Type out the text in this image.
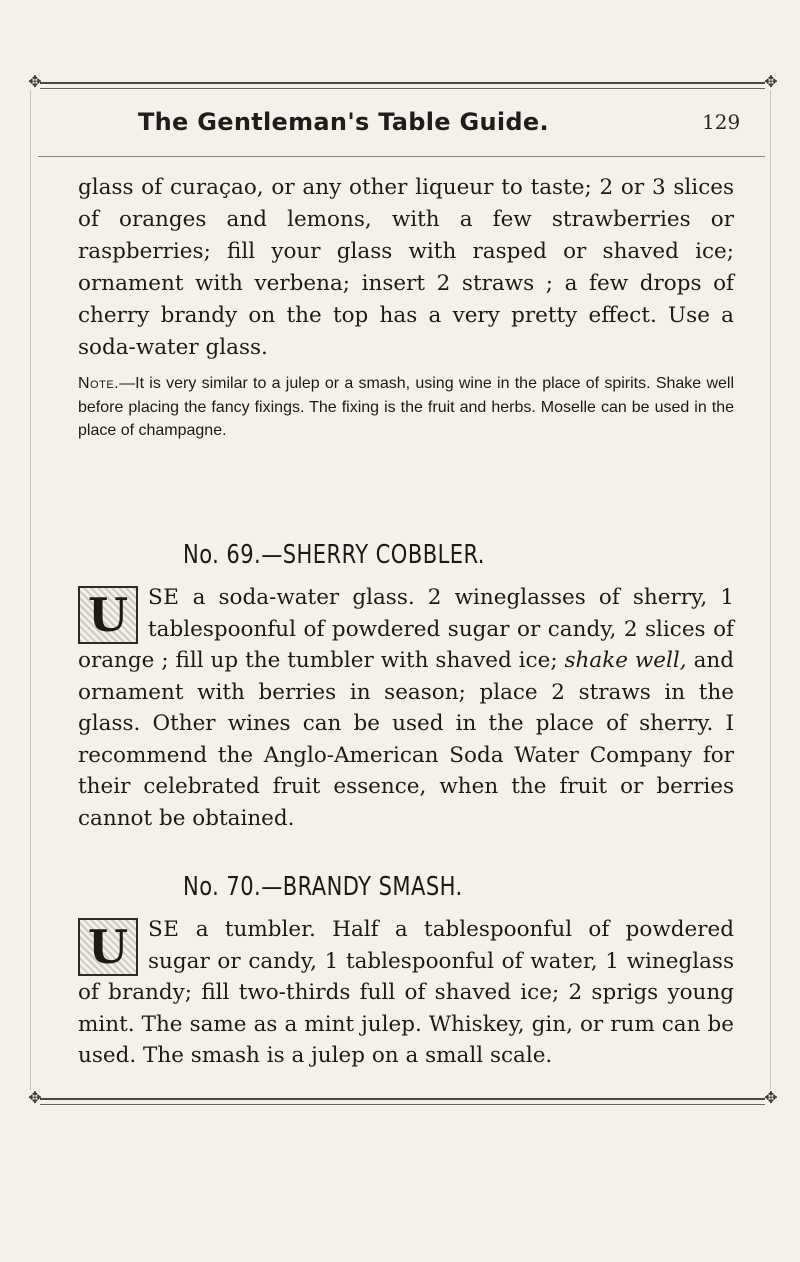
✥	✥
The Gentleman's Table Guide.	129

glass of curaçao, or any other liqueur to taste; 2 or 3 slices of oranges and lemons, with a few strawberries or raspberries; fill your glass with rasped or shaved ice; ornament with verbena; insert 2 straws ; a few drops of cherry brandy on the top has a very pretty effect. Use a soda-water glass.

Note.—It is very similar to a julep or a smash, using wine in the place of spirits. Shake well before placing the fancy fixings. The fixing is the fruit and herbs. Moselle can be used in the place of champagne.

No. 69.—SHERRY COBBLER.

U SE a soda-water glass. 2 wineglasses of sherry, 1 tablespoonful of powdered sugar or candy, 2 slices of orange ; fill up the tumbler with shaved ice; shake well, and ornament with berries in season; place 2 straws in the glass. Other wines can be used in the place of sherry. I recommend the Anglo-American Soda Water Company for their celebrated fruit essence, when the fruit or berries cannot be obtained.

No. 70.—BRANDY SMASH.

U SE a tumbler. Half a tablespoonful of powdered sugar or candy, 1 tablespoonful of water, 1 wineglass of brandy; fill two-thirds full of shaved ice; 2 sprigs young mint. The same as a mint julep. Whiskey, gin, or rum can be used. The smash is a julep on a small scale.

✥	✥
